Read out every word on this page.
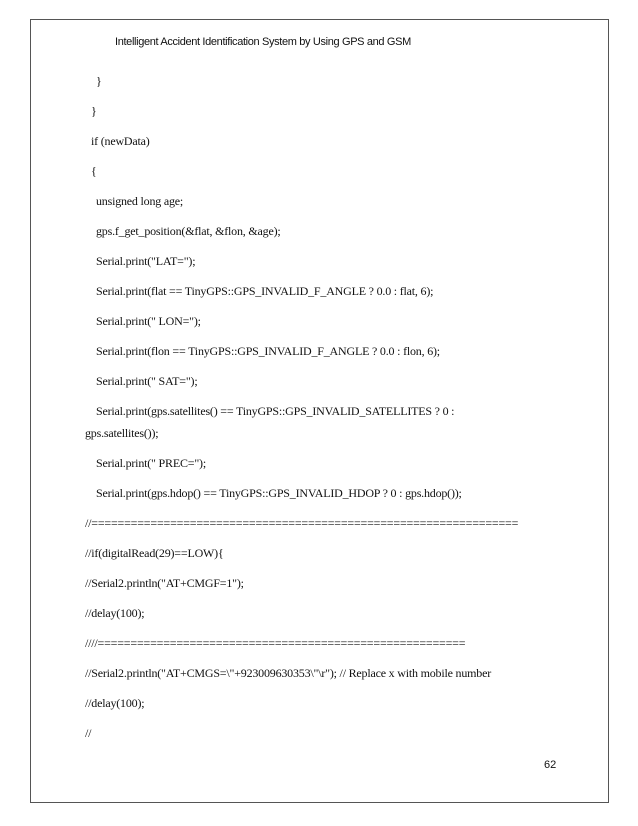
Intelligent Accident Identification System by Using GPS and GSM
}
}
if (newData)
{
unsigned long age;
gps.f_get_position(&flat, &flon, &age);
Serial.print("LAT=");
Serial.print(flat == TinyGPS::GPS_INVALID_F_ANGLE ? 0.0 : flat, 6);
Serial.print(" LON=");
Serial.print(flon == TinyGPS::GPS_INVALID_F_ANGLE ? 0.0 : flon, 6);
Serial.print(" SAT=");
Serial.print(gps.satellites() == TinyGPS::GPS_INVALID_SATELLITES ? 0 :
gps.satellites());
Serial.print(" PREC=");
Serial.print(gps.hdop() == TinyGPS::GPS_INVALID_HDOP ? 0 : gps.hdop());
//=================================================================
//if(digitalRead(29)==LOW){
//Serial2.println("AT+CMGF=1");
//delay(100);
////========================================================
//Serial2.println("AT+CMGS=\"+923009630353\"\r"); // Replace x with mobile number
//delay(100);
//
62
